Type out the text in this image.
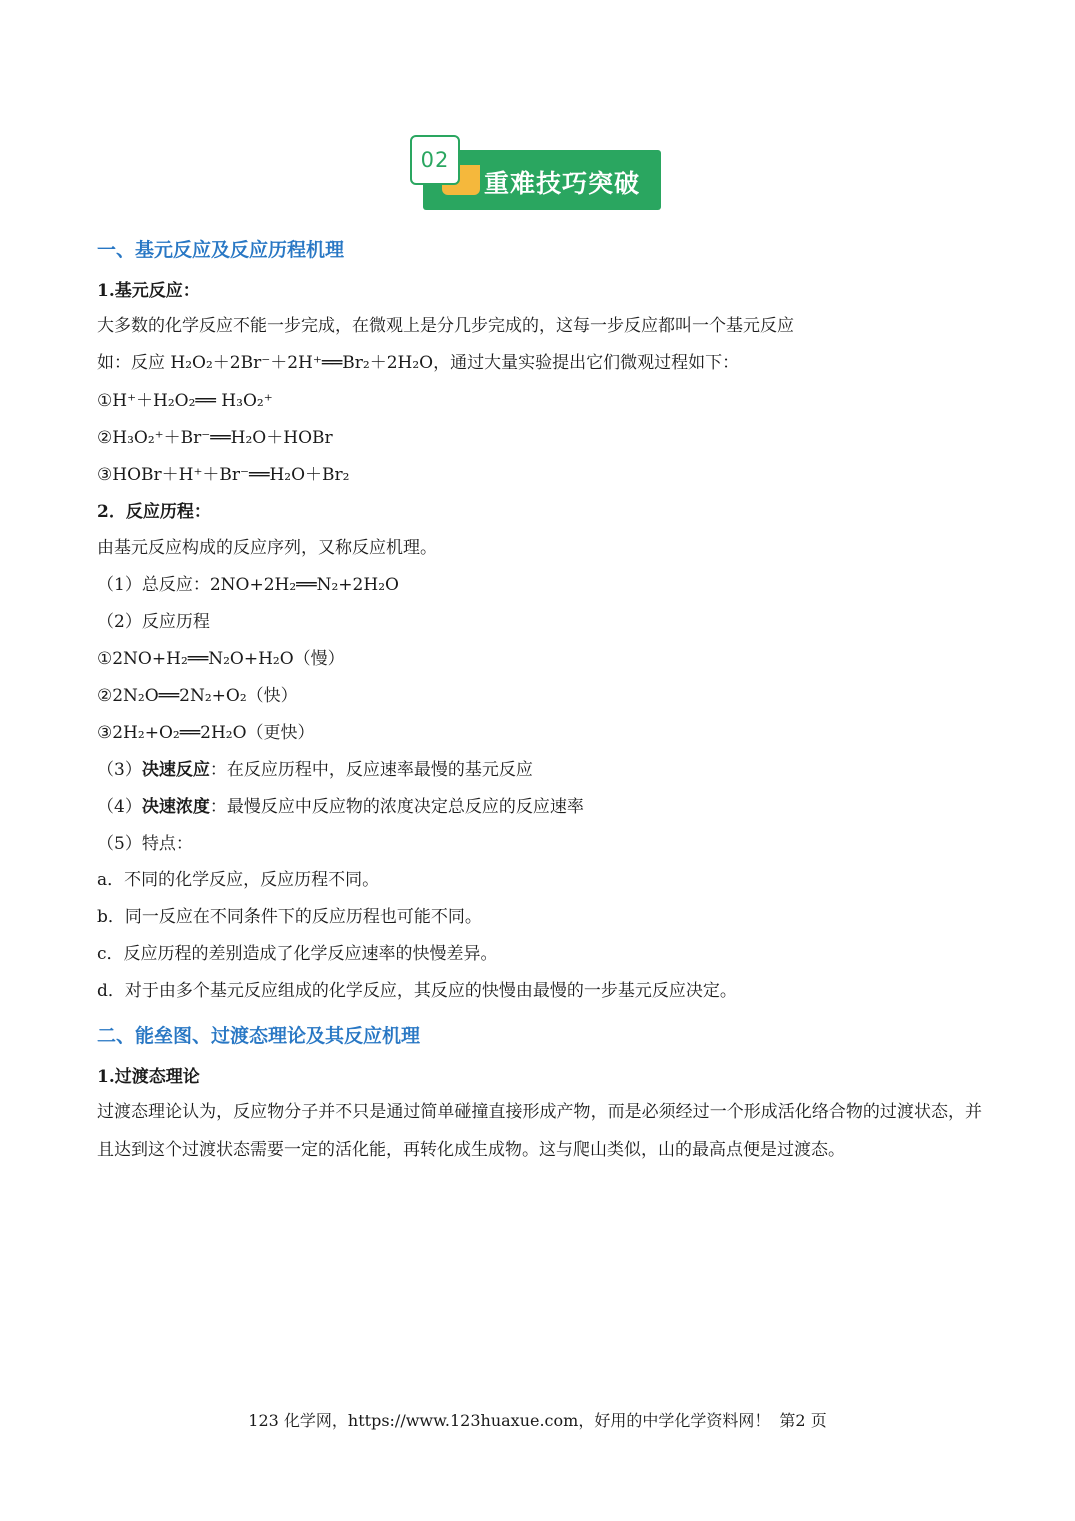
02
重难技巧突破
一、基元反应及反应历程机理
1.基元反应：
大多数的化学反应不能一步完成，在微观上是分几步完成的，这每一步反应都叫一个基元反应
如：反应 H₂O₂＋2Br⁻＋2H⁺══Br₂＋2H₂O，通过大量实验提出它们微观过程如下：
①H⁺＋H₂O₂══ H₃O₂⁺
②H₃O₂⁺＋Br⁻══H₂O＋HOBr
③HOBr＋H⁺＋Br⁻══H₂O＋Br₂
2．反应历程：
由基元反应构成的反应序列，又称反应机理。
（1）总反应：2NO+2H₂══N₂+2H₂O
（2）反应历程
①2NO+H₂══N₂O+H₂O（慢）
②2N₂O══2N₂+O₂（快）
③2H₂+O₂══2H₂O（更快）
（3）决速反应：在反应历程中，反应速率最慢的基元反应
（4）决速浓度：最慢反应中反应物的浓度决定总反应的反应速率
（5）特点：
a．不同的化学反应，反应历程不同。
b．同一反应在不同条件下的反应历程也可能不同。
c．反应历程的差别造成了化学反应速率的快慢差异。
d．对于由多个基元反应组成的化学反应，其反应的快慢由最慢的一步基元反应决定。
二、能垒图、过渡态理论及其反应机理
1.过渡态理论
过渡态理论认为，反应物分子并不只是通过简单碰撞直接形成产物，而是必须经过一个形成活化络合物的过渡状态，并且达到这个过渡状态需要一定的活化能，再转化成生成物。这与爬山类似，山的最高点便是过渡态。
123 化学网，https://www.123huaxue.com，好用的中学化学资料网！ 第2 页
